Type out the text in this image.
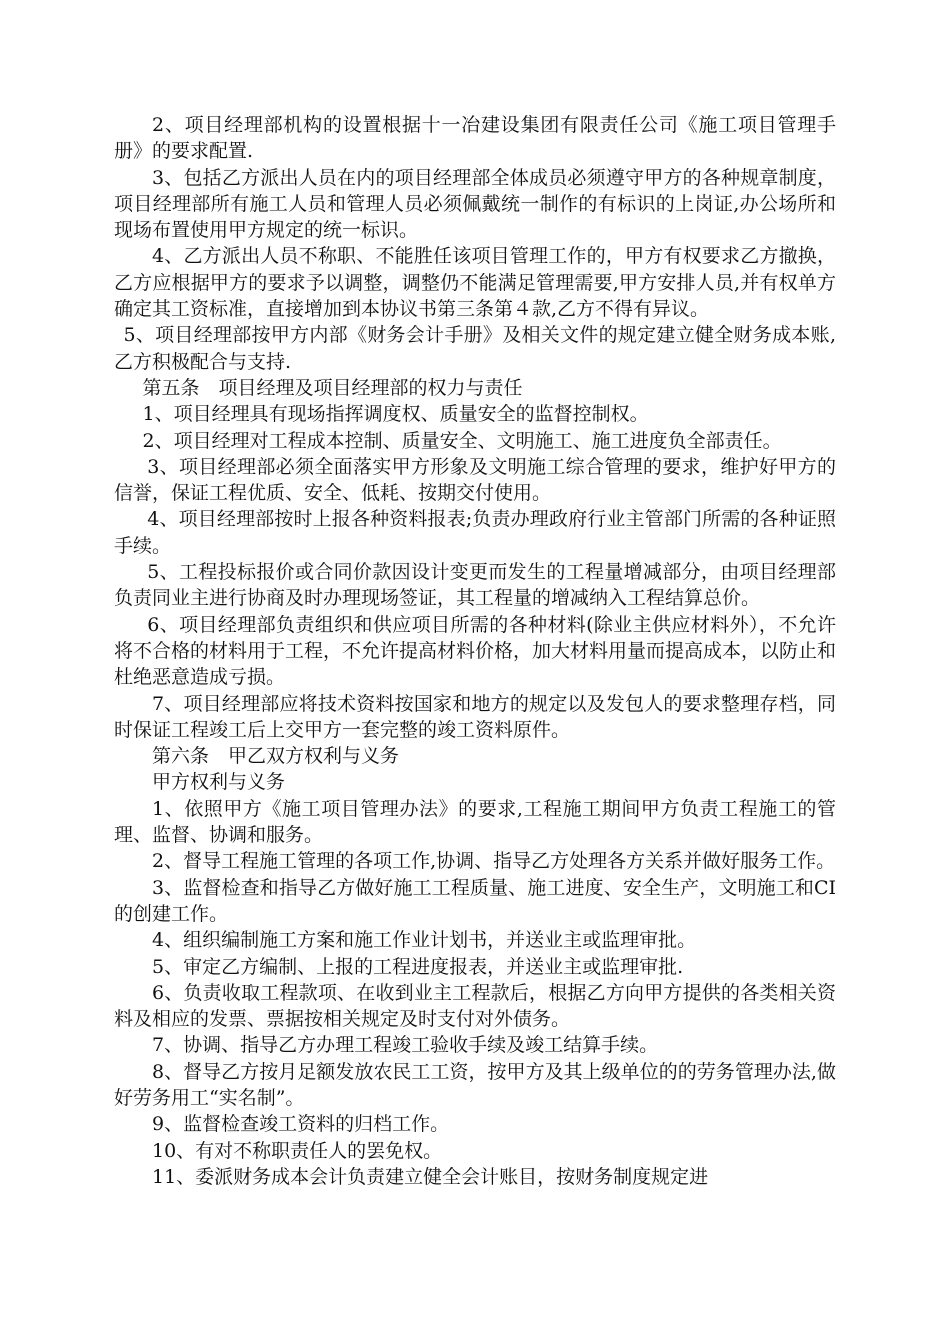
2、项目经理部机构的设置根据十一冶建设集团有限责任公司《施工项目管理手册》的要求配置.

3、包括乙方派出人员在内的项目经理部全体成员必须遵守甲方的各种规章制度，项目经理部所有施工人员和管理人员必须佩戴统一制作的有标识的上岗证,办公场所和现场布置使用甲方规定的统一标识。

4、乙方派出人员不称职、不能胜任该项目管理工作的，甲方有权要求乙方撤换，乙方应根据甲方的要求予以调整，调整仍不能满足管理需要,甲方安排人员,并有权单方确定其工资标准，直接增加到本协议书第三条第４款,乙方不得有异议。

5、项目经理部按甲方内部《财务会计手册》及相关文件的规定建立健全财务成本账,乙方积极配合与支持.

第五条　项目经理及项目经理部的权力与责任

1、项目经理具有现场指挥调度权、质量安全的监督控制权。

2、项目经理对工程成本控制、质量安全、文明施工、施工进度负全部责任。

3、项目经理部必须全面落实甲方形象及文明施工综合管理的要求，维护好甲方的信誉，保证工程优质、安全、低耗、按期交付使用。

4、项目经理部按时上报各种资料报表;负责办理政府行业主管部门所需的各种证照手续。

5、工程投标报价或合同价款因设计变更而发生的工程量增减部分，由项目经理部负责同业主进行协商及时办理现场签证，其工程量的增减纳入工程结算总价。

6、项目经理部负责组织和供应项目所需的各种材料(除业主供应材料外），不允许将不合格的材料用于工程，不允许提高材料价格，加大材料用量而提高成本，以防止和杜绝恶意造成亏损。

7、项目经理部应将技术资料按国家和地方的规定以及发包人的要求整理存档，同时保证工程竣工后上交甲方一套完整的竣工资料原件。

第六条　甲乙双方权利与义务

甲方权利与义务

1、依照甲方《施工项目管理办法》的要求,工程施工期间甲方负责工程施工的管理、监督、协调和服务。

2、督导工程施工管理的各项工作,协调、指导乙方处理各方关系并做好服务工作。

3、监督检查和指导乙方做好施工工程质量、施工进度、安全生产，文明施工和CI的创建工作。

4、组织编制施工方案和施工作业计划书，并送业主或监理审批。

5、审定乙方编制、上报的工程进度报表，并送业主或监理审批.

6、负责收取工程款项、在收到业主工程款后，根据乙方向甲方提供的各类相关资料及相应的发票、票据按相关规定及时支付对外债务。

7、协调、指导乙方办理工程竣工验收手续及竣工结算手续。

8、督导乙方按月足额发放农民工工资，按甲方及其上级单位的的劳务管理办法,做好劳务用工“实名制”。

9、监督检查竣工资料的归档工作。

10、有对不称职责任人的罢免权。

11、委派财务成本会计负责建立健全会计账目，按财务制度规定进
